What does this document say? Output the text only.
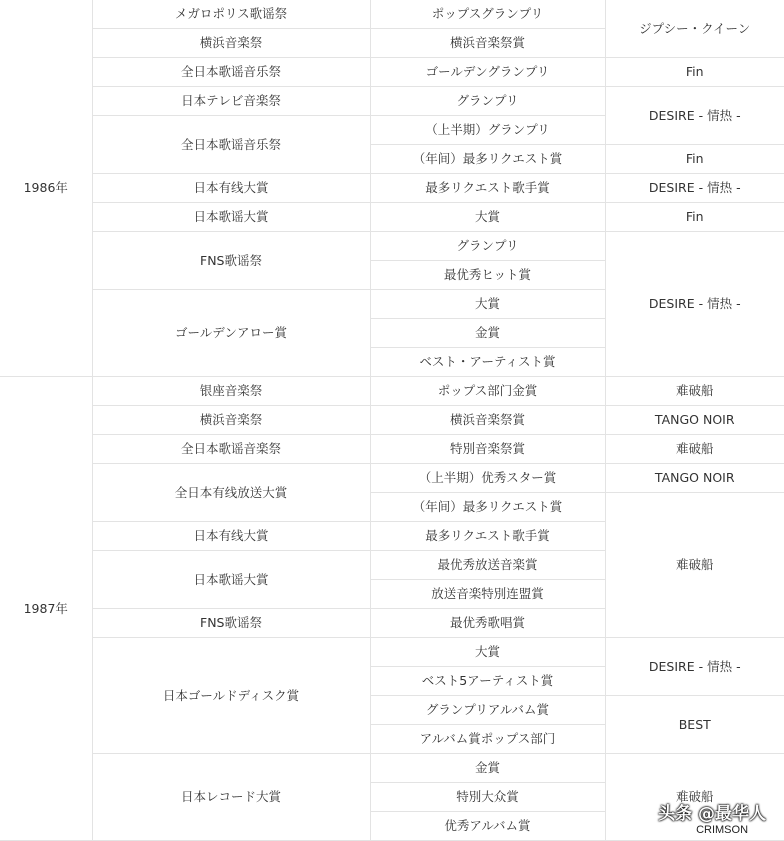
1986年	メガロポリス歌谣祭	ポップスグランプリ	ジプシー・クイーン
	横浜音楽祭	横浜音楽祭賞	
	全日本歌谣音乐祭	ゴールデングランプリ	Fin
	日本テレビ音楽祭	グランプリ	DESIRE - 情热 -
	全日本歌谣音乐祭	（上半期）グランプリ	
		（年间）最多リクエスト賞	Fin
	日本有线大賞	最多リクエスト歌手賞	DESIRE - 情热 -
	日本歌谣大賞	大賞	Fin
	FNS歌谣祭	グランプリ	DESIRE - 情热 -
		最优秀ヒット賞	
	ゴールデンアロー賞	大賞	
		金賞	
		ベスト・アーティスト賞	
1987年	银座音楽祭	ポップス部门金賞	难破船
	横浜音楽祭	横浜音楽祭賞	TANGO NOIR
	全日本歌谣音楽祭	特別音楽祭賞	难破船
	全日本有线放送大賞	（上半期）优秀スター賞	TANGO NOIR
		（年间）最多リクエスト賞	难破船
	日本有线大賞	最多リクエスト歌手賞	
	日本歌谣大賞	最优秀放送音楽賞	
		放送音楽特別连盟賞	
	FNS歌谣祭	最优秀歌唱賞	
	日本ゴールドディスク賞	大賞	DESIRE - 情热 -
		ベスト5アーティスト賞	
		グランプリアルバム賞	BEST
		アルバム賞ポップス部门	
	日本レコード大賞	金賞	难破船
		特別大众賞	
		优秀アルバム賞	
头条 @最华人
CRIMSON
